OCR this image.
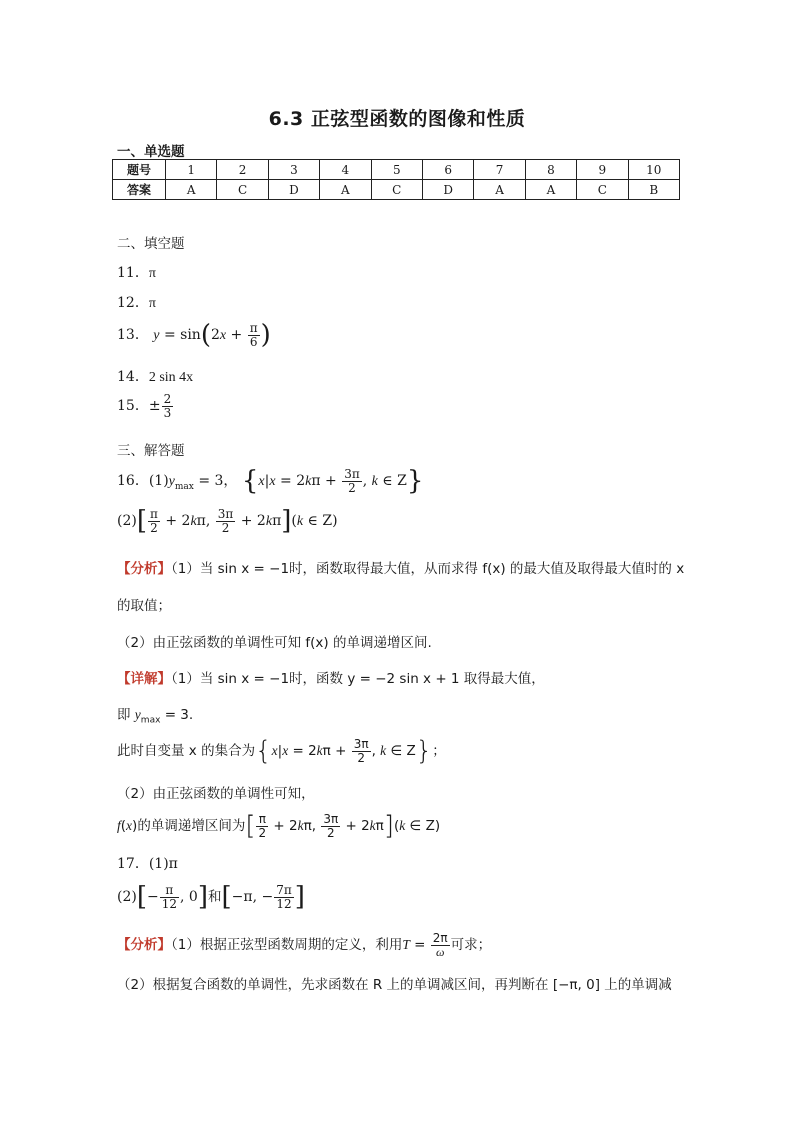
6.3 正弦型函数的图像和性质
一、单选题
题号	1	2	3	4	5	6	7	8	9	10
答案	A	C	D	A	C	D	A	A	C	B
二、填空题
11．π
12．π
13． $y = \sin(2x + \frac{\pi}{6}$ )
14．2 sin 4x
15．± $\frac{2}{3}$
三、解答题
16．$(1)y_{max} = 3$， {$x|x = 2k\pi + \frac{3\pi}{2}$ , k ∈ Z}
$(2)[ \frac{\pi}{2} + 2k\pi$, $\frac{3\pi}{2} + 2k\pi](k$ ∈ Z)
【分析】（1）当 sin x = −1时，函数取得最大值，从而求得 f(x) 的最大值及取得最大值时的 x
的取值；
（2）由正弦函数的单调性可知 f(x) 的单调递增区间.
【详解】（1）当 sin x = −1时，函数 y = −2 sin x + 1 取得最大值，
即 $y_{max} = 3$.
此时自变量 x 的集合为{$x|x = 2k\pi + \frac{3\pi}{2}$ , k ∈ Z}；
（2）由正弦函数的单调性可知，
f(x)的单调递增区间为[ $\frac{\pi}{2} + 2k\pi$, $\frac{3\pi}{2} + 2k\pi](k$ ∈ Z)
17．(1)π
$(2)[- \frac{\pi}{12}$ , 0]和[−π, − $\frac{7\pi}{12}$ ]
【分析】（1）根据正弦型函数周期的定义，利用$T = \frac{2\pi}{\omega}$ 可求；
（2）根据复合函数的单调性，先求函数在 R 上的单调减区间，再判断在 [−π, 0] 上的单调减
